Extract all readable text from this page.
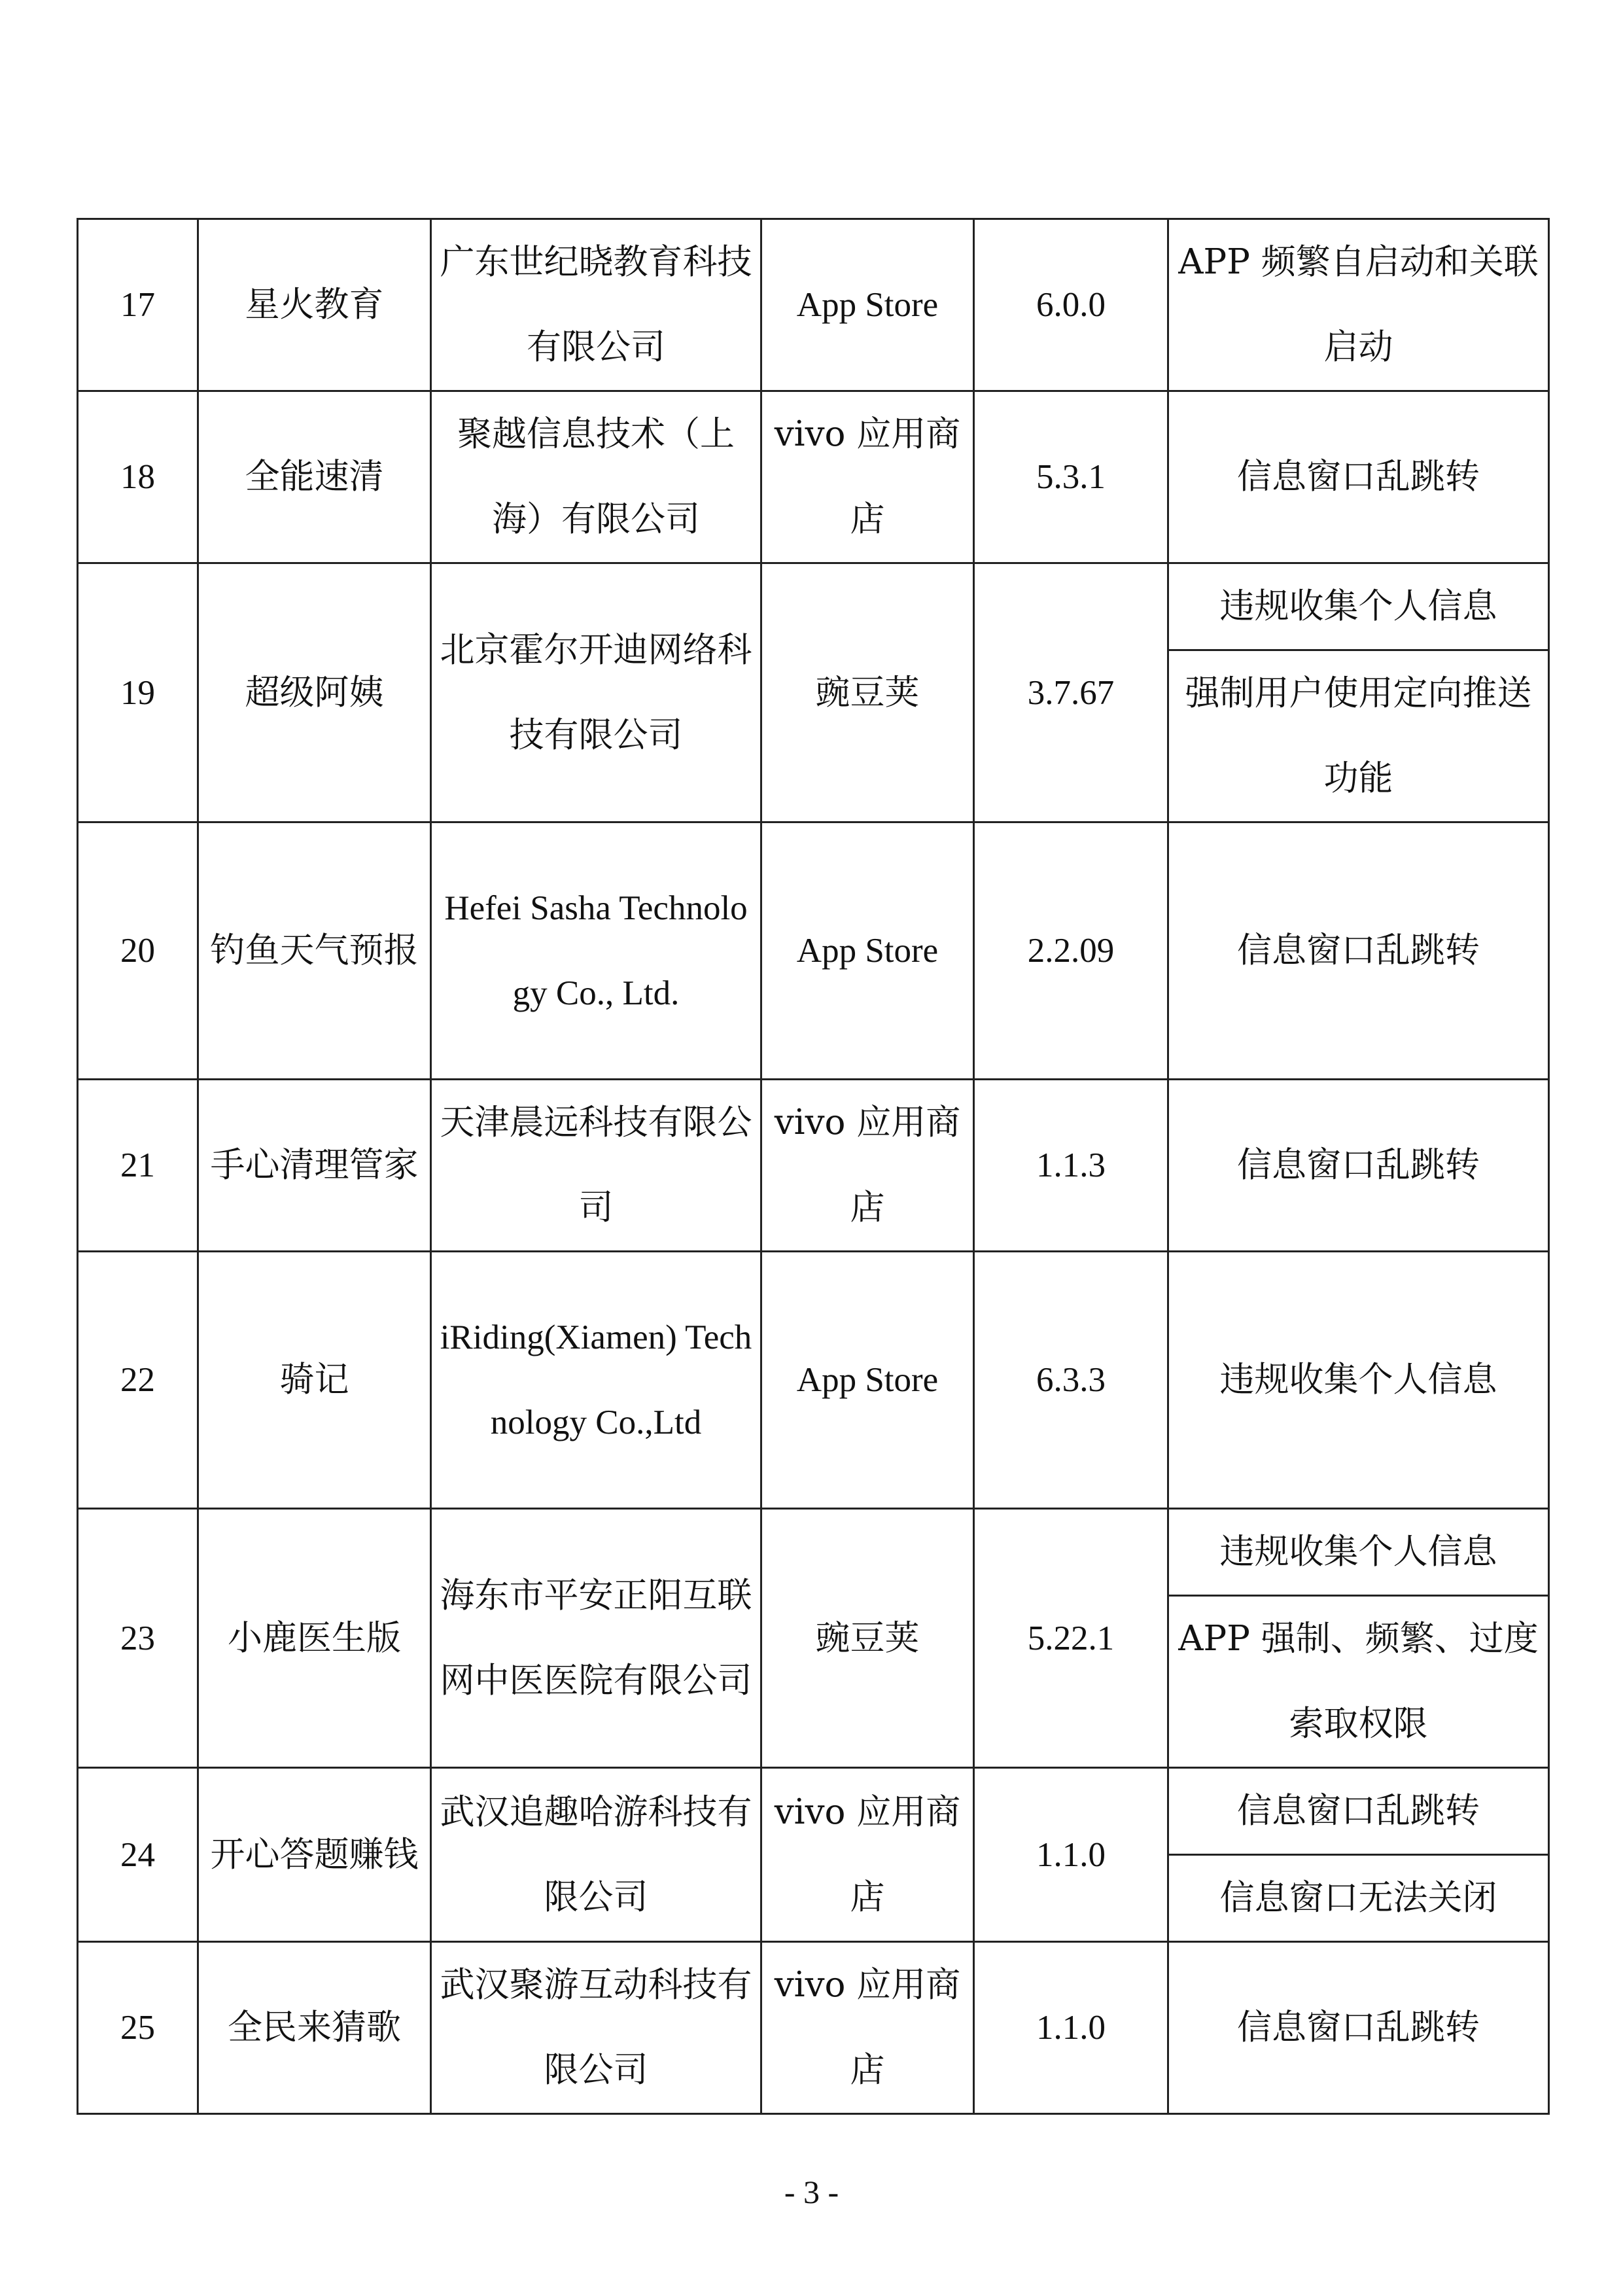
17	星火教育	广东世纪晓教育科技有限公司	App Store	6.0.0	APP 频繁自启动和关联启动

18	全能速清	聚越信息技术（上海）有限公司	vivo 应用商店	5.3.1	信息窗口乱跳转

19	超级阿姨	北京霍尔开迪网络科技有限公司	豌豆荚	3.7.67	违规收集个人信息
强制用户使用定向推送功能

20	钓鱼天气预报	Hefei Sasha Technology Co., Ltd.	App Store	2.2.09	信息窗口乱跳转

21	手心清理管家	天津晨远科技有限公司	vivo 应用商店	1.1.3	信息窗口乱跳转

22	骑记	iRiding(Xiamen) Technology Co.,Ltd	App Store	6.3.3	违规收集个人信息

23	小鹿医生版	海东市平安正阳互联网中医医院有限公司	豌豆荚	5.22.1	违规收集个人信息
APP 强制、频繁、过度索取权限

24	开心答题赚钱	武汉追趣哈游科技有限公司	vivo 应用商店	1.1.0	信息窗口乱跳转
信息窗口无法关闭

25	全民来猜歌	武汉聚游互动科技有限公司	vivo 应用商店	1.1.0	信息窗口乱跳转
- 3 -
